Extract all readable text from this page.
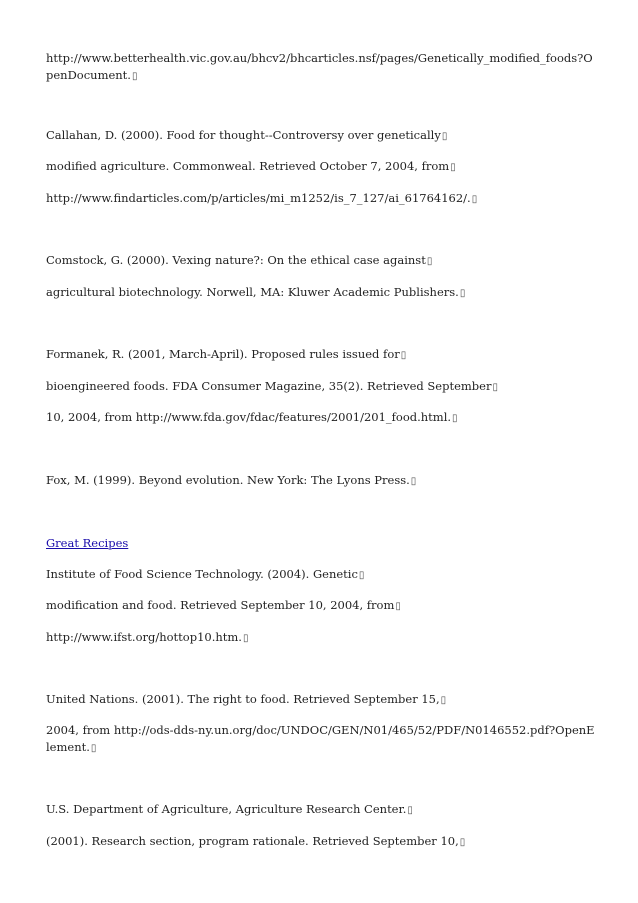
http://www.betterhealth.vic.gov.au/bhcv2/bhcarticles.nsf/pages/Genetically_modified_foods?OpenDocument.▯
Callahan, D. (2000). Food for thought--Controversy over genetically▯
modified agriculture. Commonweal. Retrieved October 7, 2004, from▯
http://www.findarticles.com/p/articles/mi_m1252/is_7_127/ai_61764162/.▯
Comstock, G. (2000). Vexing nature?: On the ethical case against▯
agricultural biotechnology. Norwell, MA: Kluwer Academic Publishers.▯
Formanek, R. (2001, March-April). Proposed rules issued for▯
bioengineered foods. FDA Consumer Magazine, 35(2). Retrieved September▯
10, 2004, from http://www.fda.gov/fdac/features/2001/201_food.html.▯
Fox, M. (1999). Beyond evolution. New York: The Lyons Press.▯
Great Recipes
Institute of Food Science Technology. (2004). Genetic▯
modification and food. Retrieved September 10, 2004, from▯
http://www.ifst.org/hottop10.htm.▯
United Nations. (2001). The right to food. Retrieved September 15,▯
2004, from http://ods-dds-ny.un.org/doc/UNDOC/GEN/N01/465/52/PDF/N0146552.pdf?OpenElement.▯
U.S. Department of Agriculture, Agriculture Research Center.▯
(2001). Research section, program rationale. Retrieved September 10,▯
